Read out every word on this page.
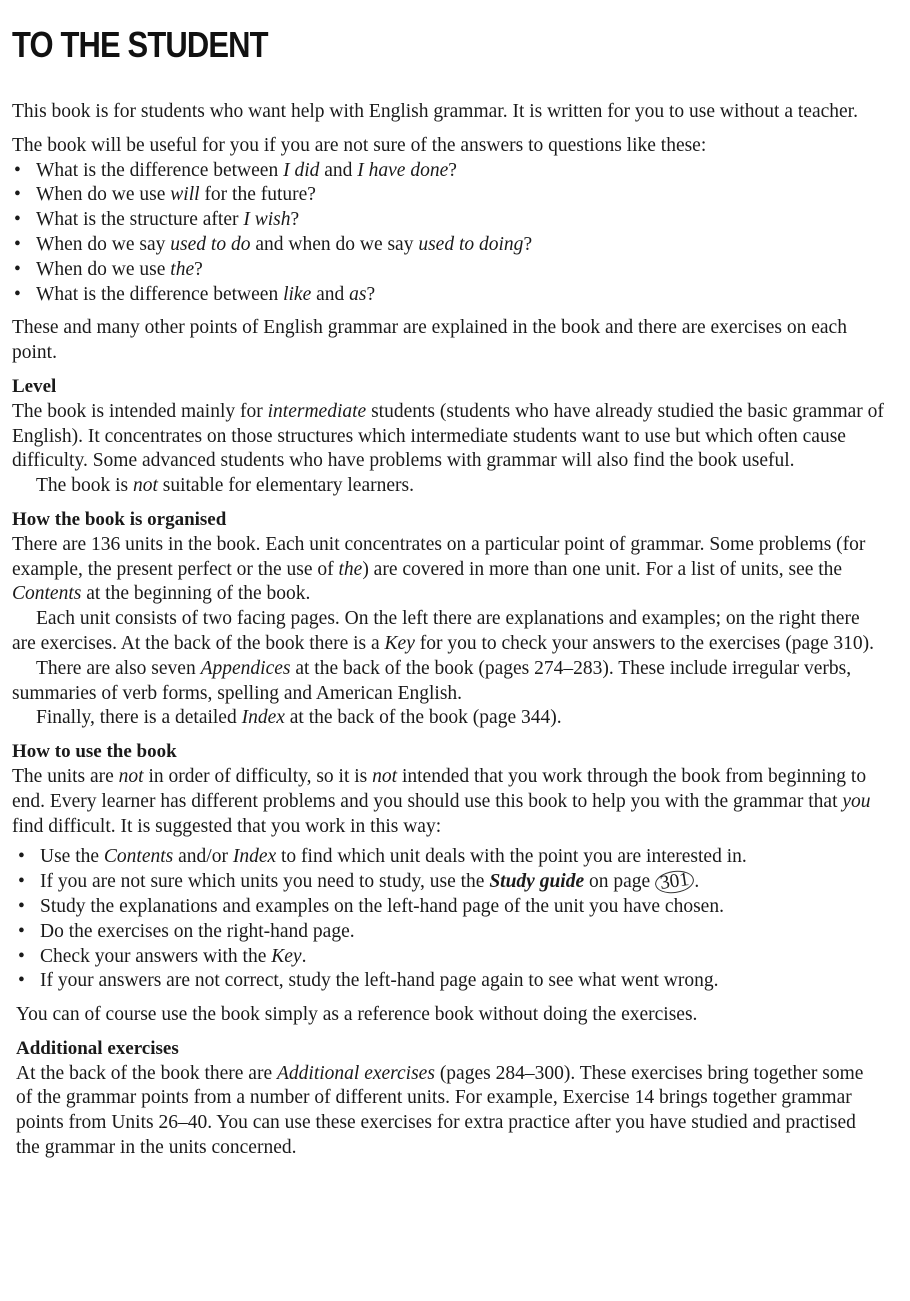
TO THE STUDENT

This book is for students who want help with English grammar. It is written for you to use without a teacher.

The book will be useful for you if you are not sure of the answers to questions like these:

• What is the difference between I did and I have done?
• When do we use will for the future?
• What is the structure after I wish?
• When do we say used to do and when do we say used to doing?
• When do we use the?
• What is the difference between like and as?

These and many other points of English grammar are explained in the book and there are exercises on each point.

Level

The book is intended mainly for intermediate students (students who have already studied the basic grammar of English). It concentrates on those structures which intermediate students want to use but which often cause difficulty. Some advanced students who have problems with grammar will also find the book useful.

The book is not suitable for elementary learners.

How the book is organised

There are 136 units in the book. Each unit concentrates on a particular point of grammar. Some problems (for example, the present perfect or the use of the) are covered in more than one unit. For a list of units, see the Contents at the beginning of the book.

Each unit consists of two facing pages. On the left there are explanations and examples; on the right there are exercises. At the back of the book there is a Key for you to check your answers to the exercises (page 310).

There are also seven Appendices at the back of the book (pages 274–283). These include irregular verbs, summaries of verb forms, spelling and American English.

Finally, there is a detailed Index at the back of the book (page 344).

How to use the book

The units are not in order of difficulty, so it is not intended that you work through the book from beginning to end. Every learner has different problems and you should use this book to help you with the grammar that you find difficult. It is suggested that you work in this way:

• Use the Contents and/or Index to find which unit deals with the point you are interested in.
• If you are not sure which units you need to study, use the Study guide on page 301 .
• Study the explanations and examples on the left-hand page of the unit you have chosen.
• Do the exercises on the right-hand page.
• Check your answers with the Key.
• If your answers are not correct, study the left-hand page again to see what went wrong.

You can of course use the book simply as a reference book without doing the exercises.

Additional exercises

At the back of the book there are Additional exercises (pages 284–300). These exercises bring together some of the grammar points from a number of different units. For example, Exercise 14 brings together grammar points from Units 26–40. You can use these exercises for extra practice after you have studied and practised the grammar in the units concerned.
